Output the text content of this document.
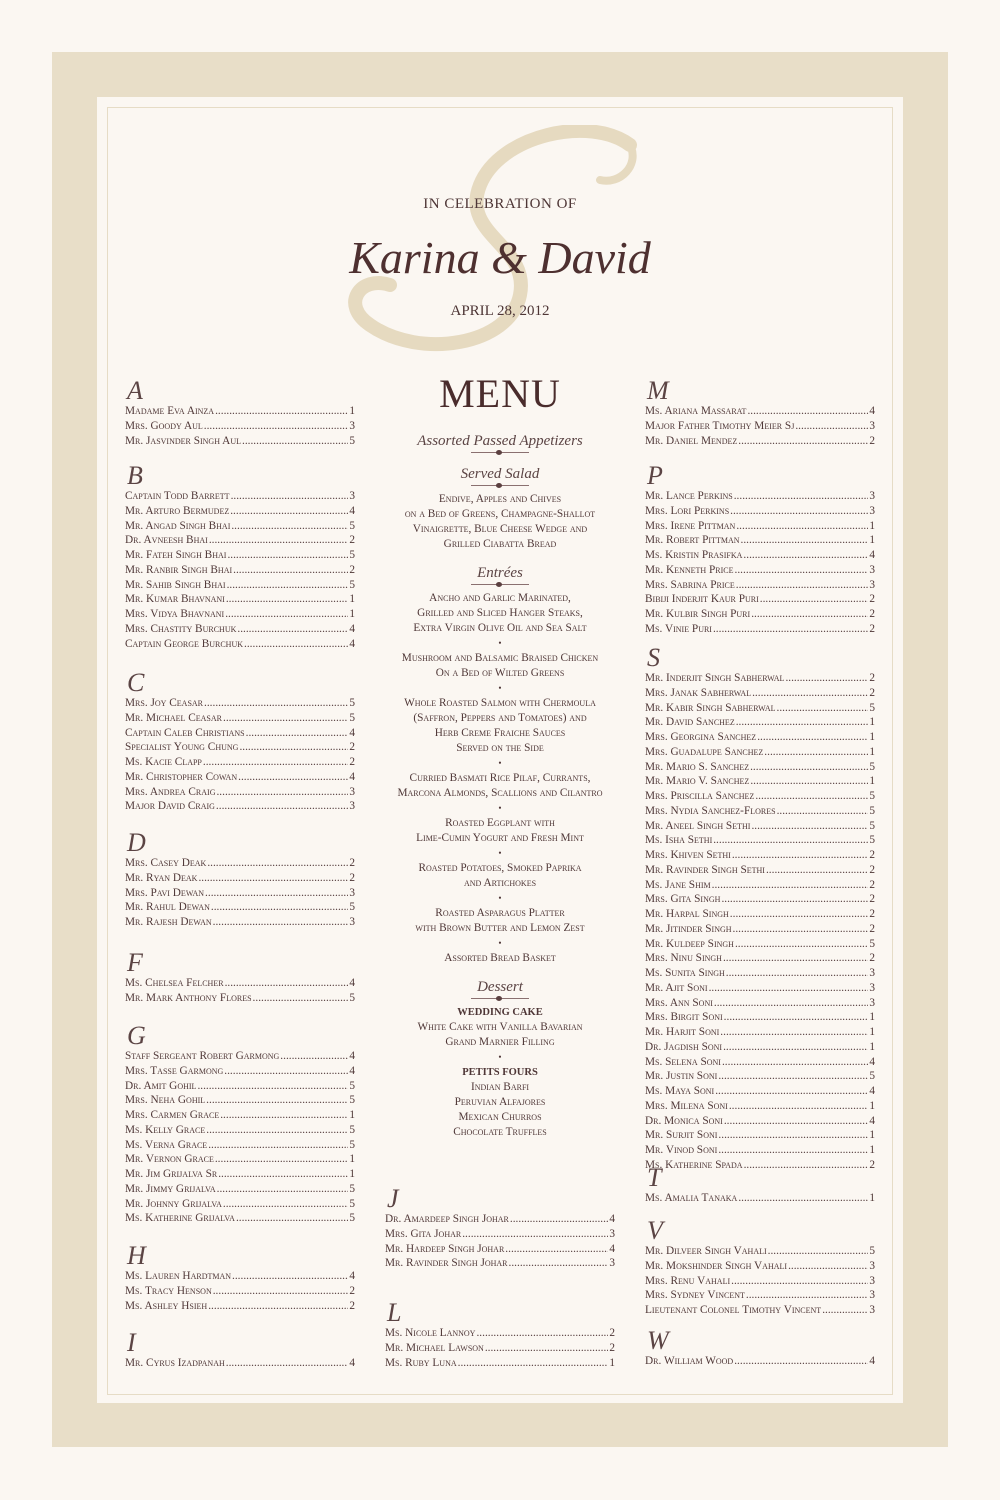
IN CELEBRATION OF
Karina & David
APRIL 28, 2012
MENU
Assorted Passed Appetizers
Served Salad
Endive, Apples and Chives
on a Bed of Greens, Champagne-Shallot
Vinaigrette, Blue Cheese Wedge and
Grilled Ciabatta Bread
Entrées
Ancho and Garlic Marinated,
Grilled and Sliced Hanger Steaks,
Extra Virgin Olive Oil and Sea Salt
•
Mushroom and Balsamic Braised Chicken
On a Bed of Wilted Greens
•
Whole Roasted Salmon with Chermoula
(Saffron, Peppers and Tomatoes) and
Herb Creme Fraiche Sauces
Served on the Side
•
Curried Basmati Rice Pilaf, Currants,
Marcona Almonds, Scallions and Cilantro
•
Roasted Eggplant with
Lime-Cumin Yogurt and Fresh Mint
•
Roasted Potatoes, Smoked Paprika
and Artichokes
•
Roasted Asparagus Platter
with Brown Butter and Lemon Zest
•
Assorted Bread Basket
Dessert
WEDDING CAKE
White Cake with Vanilla Bavarian
Grand Marnier Filling
•
PETITS FOURS
Indian Barfi
Peruvian Alfajores
Mexican Churros
Chocolate Truffles
A
Madame Eva Ainza .....	1
Mrs. Goody Aul .....	3
Mr. Jasvinder Singh Aul .....	5
B
Captain Todd Barrett .....	3
Mr. Arturo Bermudez .....	4
Mr. Angad Singh Bhai .....	5
Dr. Avneesh Bhai .....	2
Mr. Fateh Singh Bhai .....	5
Mr. Ranbir Singh Bhai .....	2
Mr. Sahib Singh Bhai .....	5
Mr. Kumar Bhavnani .....	1
Mrs. Vidya Bhavnani .....	1
Mrs. Chastity Burchuk .....	4
Captain George Burchuk .....	4
C
Mrs. Joy Ceasar .....	5
Mr. Michael Ceasar .....	5
Captain Caleb Christians .....	4
Specialist Young Chung .....	2
Ms. Kacie Clapp .....	2
Mr. Christopher Cowan .....	4
Mrs. Andrea Craig .....	3
Major David Craig .....	3
D
Mrs. Casey Deak .....	2
Mr. Ryan Deak .....	2
Mrs. Pavi Dewan .....	3
Mr. Rahul Dewan .....	5
Mr. Rajesh Dewan .....	3
F
Ms. Chelsea Felcher .....	4
Mr. Mark Anthony Flores .....	5
G
Staff Sergeant Robert Garmong .....	4
Mrs. Tasse Garmong .....	4
Dr. Amit Gohil .....	5
Mrs. Neha Gohil .....	5
Mrs. Carmen Grace .....	1
Ms. Kelly Grace .....	5
Ms. Verna Grace .....	5
Mr. Vernon Grace .....	1
Mr. Jim Grijalva Sr .....	1
Mr. Jimmy Grijalva .....	5
Mr. Johnny Grijalva .....	5
Ms. Katherine Grijalva .....	5
H
Ms. Lauren Hardtman .....	4
Ms. Tracy Henson .....	2
Ms. Ashley Hsieh .....	2
I
Mr. Cyrus Izadpanah .....	4
J
Dr. Amardeep Singh Johar .....	4
Mrs. Gita Johar .....	3
Mr. Hardeep Singh Johar .....	4
Mr. Ravinder Singh Johar .....	3
L
Ms. Nicole Lannoy .....	2
Mr. Michael Lawson .....	2
Ms. Ruby Luna .....	1
M
Ms. Ariana Massarat .....	4
Major Father Timothy Meier Sj .....	3
Mr. Daniel Mendez .....	2
P
Mr. Lance Perkins .....	3
Mrs. Lori Perkins .....	3
Mrs. Irene Pittman .....	1
Mr. Robert Pittman .....	1
Ms. Kristin Prasifka .....	4
Mr. Kenneth Price .....	3
Mrs. Sabrina Price .....	3
Bibiji Inderjit Kaur Puri .....	2
Mr. Kulbir Singh Puri .....	2
Ms. Vinie Puri .....	2
S
Mr. Inderjit Singh Sabherwal .....	2
Mrs. Janak Sabherwal .....	2
Mr. Kabir Singh Sabherwal .....	5
Mr. David Sanchez .....	1
Mrs. Georgina Sanchez .....	1
Mrs. Guadalupe Sanchez .....	1
Mr. Mario S. Sanchez .....	5
Mr. Mario V. Sanchez .....	1
Mrs. Priscilla Sanchez .....	5
Mrs. Nydia Sanchez-Flores .....	5
Mr. Aneel Singh Sethi .....	5
Ms. Isha Sethi .....	5
Mrs. Khiven Sethi .....	2
Mr. Ravinder Singh Sethi .....	2
Ms. Jane Shim .....	2
Mrs. Gita Singh .....	2
Mr. Harpal Singh .....	2
Mr. Jitinder Singh .....	2
Mr. Kuldeep Singh .....	5
Mrs. Ninu Singh .....	2
Ms. Sunita Singh .....	3
Mr. Ajit Soni .....	3
Mrs. Ann Soni .....	3
Mrs. Birgit Soni .....	1
Mr. Harjit Soni .....	1
Dr. Jagdish Soni .....	1
Ms. Selena Soni .....	4
Mr. Justin Soni .....	5
Ms. Maya Soni .....	4
Mrs. Milena Soni .....	1
Dr. Monica Soni .....	4
Mr. Surjit Soni .....	1
Mr. Vinod Soni .....	1
Ms. Katherine Spada .....	2
T
Ms. Amalia Tanaka .....	1
V
Mr. Dilveer Singh Vahali .....	5
Mr. Mokshinder Singh Vahali .....	3
Mrs. Renu Vahali .....	3
Mrs. Sydney Vincent .....	3
Lieutenant Colonel Timothy Vincent .....	3
W
Dr. William Wood .....	4
